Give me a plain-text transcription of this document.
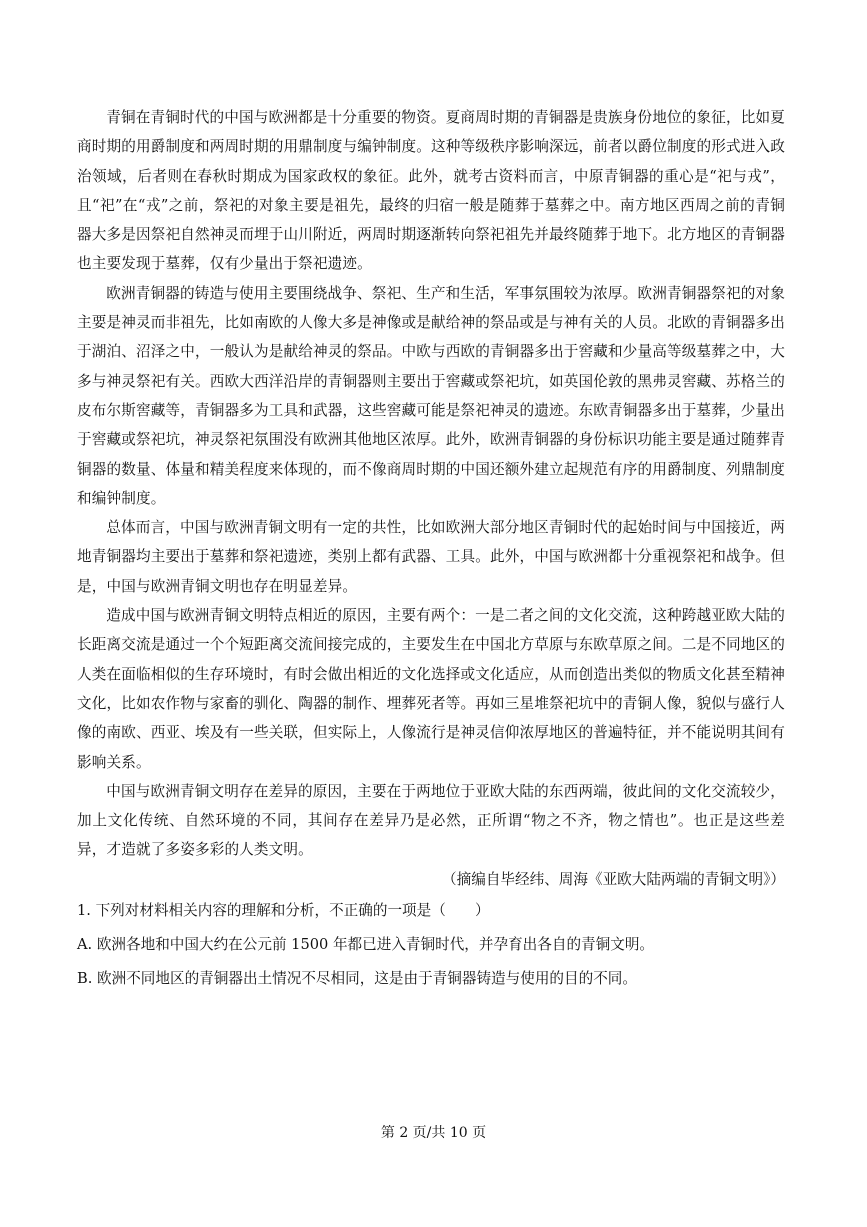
青铜在青铜时代的中国与欧洲都是十分重要的物资。夏商周时期的青铜器是贵族身份地位的象征，比如夏商时期的用爵制度和两周时期的用鼎制度与编钟制度。这种等级秩序影响深远，前者以爵位制度的形式进入政治领域，后者则在春秋时期成为国家政权的象征。此外，就考古资料而言，中原青铜器的重心是“祀与戎”，且“祀”在“戎”之前，祭祀的对象主要是祖先，最终的归宿一般是随葬于墓葬之中。南方地区西周之前的青铜器大多是因祭祀自然神灵而埋于山川附近，两周时期逐渐转向祭祀祖先并最终随葬于地下。北方地区的青铜器也主要发现于墓葬，仅有少量出于祭祀遗迹。

欧洲青铜器的铸造与使用主要围绕战争、祭祀、生产和生活，军事氛围较为浓厚。欧洲青铜器祭祀的对象主要是神灵而非祖先，比如南欧的人像大多是神像或是献给神的祭品或是与神有关的人员。北欧的青铜器多出于湖泊、沼泽之中，一般认为是献给神灵的祭品。中欧与西欧的青铜器多出于窖藏和少量高等级墓葬之中，大多与神灵祭祀有关。西欧大西洋沿岸的青铜器则主要出于窖藏或祭祀坑，如英国伦敦的黑弗灵窖藏、苏格兰的皮布尔斯窖藏等，青铜器多为工具和武器，这些窖藏可能是祭祀神灵的遗迹。东欧青铜器多出于墓葬，少量出于窖藏或祭祀坑，神灵祭祀氛围没有欧洲其他地区浓厚。此外，欧洲青铜器的身份标识功能主要是通过随葬青铜器的数量、体量和精美程度来体现的，而不像商周时期的中国还额外建立起规范有序的用爵制度、列鼎制度和编钟制度。

总体而言，中国与欧洲青铜文明有一定的共性，比如欧洲大部分地区青铜时代的起始时间与中国接近，两地青铜器均主要出于墓葬和祭祀遗迹，类别上都有武器、工具。此外，中国与欧洲都十分重视祭祀和战争。但是，中国与欧洲青铜文明也存在明显差异。

造成中国与欧洲青铜文明特点相近的原因，主要有两个：一是二者之间的文化交流，这种跨越亚欧大陆的长距离交流是通过一个个短距离交流间接完成的，主要发生在中国北方草原与东欧草原之间。二是不同地区的人类在面临相似的生存环境时，有时会做出相近的文化选择或文化适应，从而创造出类似的物质文化甚至精神文化，比如农作物与家畜的驯化、陶器的制作、埋葬死者等。再如三星堆祭祀坑中的青铜人像，貌似与盛行人像的南欧、西亚、埃及有一些关联，但实际上，人像流行是神灵信仰浓厚地区的普遍特征，并不能说明其间有影响关系。

中国与欧洲青铜文明存在差异的原因，主要在于两地位于亚欧大陆的东西两端，彼此间的文化交流较少，加上文化传统、自然环境的不同，其间存在差异乃是必然，正所谓“物之不齐，物之情也”。也正是这些差异，才造就了多姿多彩的人类文明。

（摘编自毕经纬、周海《亚欧大陆两端的青铜文明》）

1. 下列对材料相关内容的理解和分析，不正确的一项是（　　）

A. 欧洲各地和中国大约在公元前 1500 年都已进入青铜时代，并孕育出各自的青铜文明。

B. 欧洲不同地区的青铜器出土情况不尽相同，这是由于青铜器铸造与使用的目的不同。

第 2 页/共 10 页
